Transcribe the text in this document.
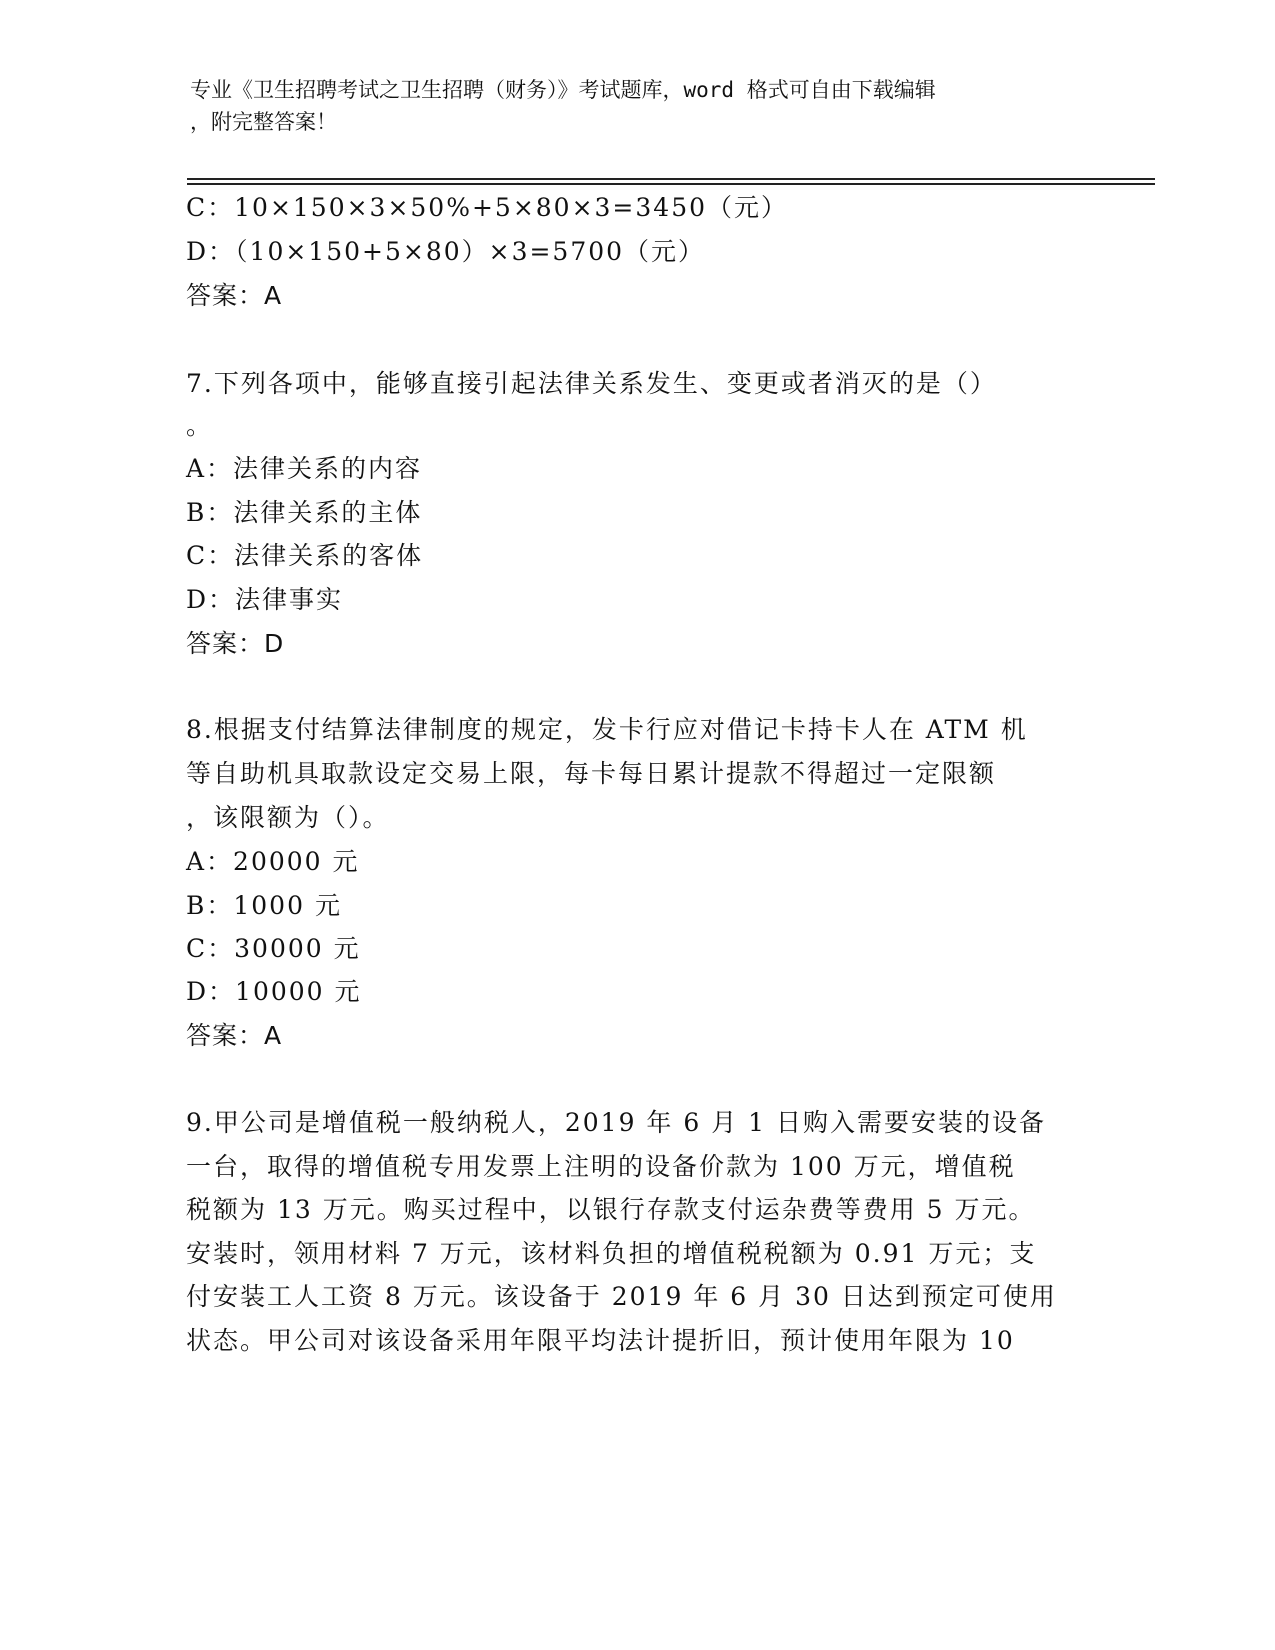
专业《卫生招聘考试之卫生招聘（财务）》考试题库，word 格式可自由下载编辑
，附完整答案！
C：10×150×3×50%+5×80×3=3450（元）
D：（10×150+5×80）×3=5700（元）
答案：A
7.下列各项中，能够直接引起法律关系发生、变更或者消灭的是（）
。
A：法律关系的内容
B：法律关系的主体
C：法律关系的客体
D：法律事实
答案：D
8.根据支付结算法律制度的规定，发卡行应对借记卡持卡人在 ATM 机
等自助机具取款设定交易上限，每卡每日累计提款不得超过一定限额
，该限额为（）。
A：20000 元
B：1000 元
C：30000 元
D：10000 元
答案：A
9.甲公司是增值税一般纳税人，2019 年 6 月 1 日购入需要安装的设备
一台，取得的增值税专用发票上注明的设备价款为 100 万元，增值税
税额为 13 万元。购买过程中，以银行存款支付运杂费等费用 5 万元。
安装时，领用材料 7 万元，该材料负担的增值税税额为 0.91 万元；支
付安装工人工资 8 万元。该设备于 2019 年 6 月 30 日达到预定可使用
状态。甲公司对该设备采用年限平均法计提折旧，预计使用年限为 10
